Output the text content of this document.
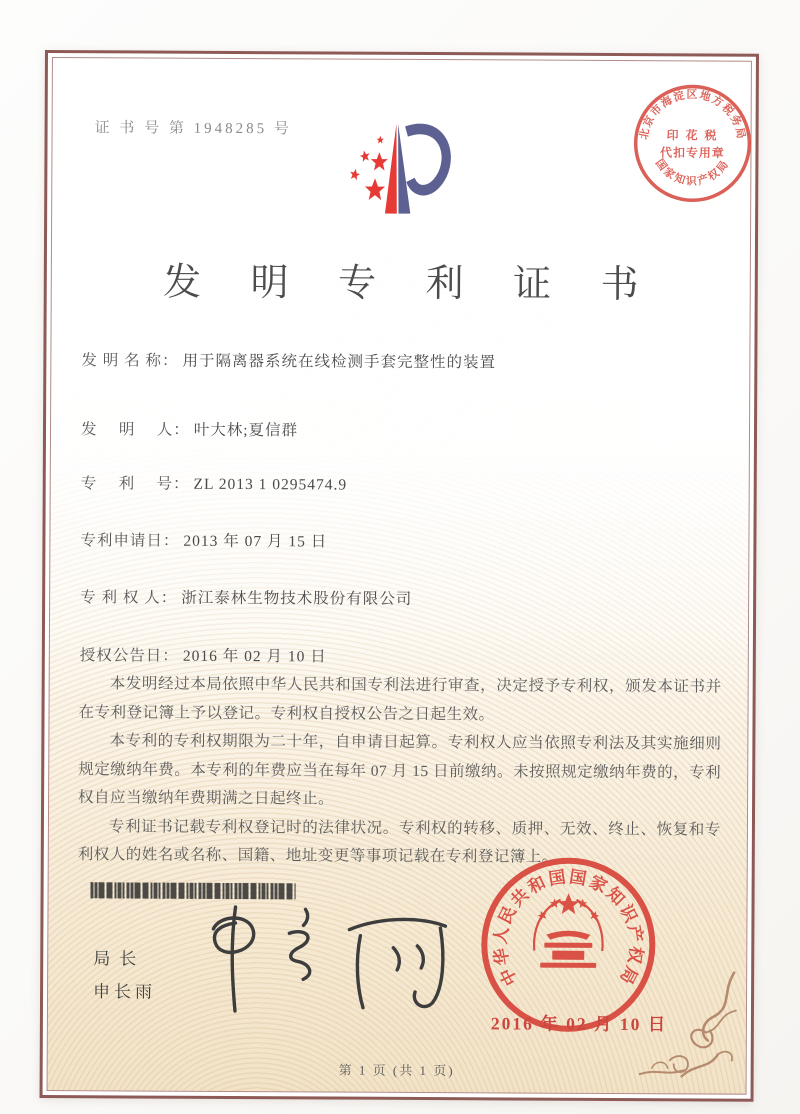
证 书 号 第 1948285 号	北京市海淀区地方税务局
国家知识产权局
印 花 税
代扣专用章
发 明 专 利 证 书
发 明 名 称： 用于隔离器系统在线检测手套完整性的装置
发　 明　 人： 叶大林;夏信群
专　 利　 号： ZL 2013 1 0295474.9
专利申请日： 2013 年 07 月 15 日
专 利 权 人： 浙江泰林生物技术股份有限公司
授权公告日： 2016 年 02 月 10 日

本发明经过本局依照中华人民共和国专利法进行审查，决定授予专利权，颁发本证书并在专利登记簿上予以登记。专利权自授权公告之日起生效。

本专利的专利权期限为二十年，自申请日起算。专利权人应当依照专利法及其实施细则规定缴纳年费。本专利的年费应当在每年 07 月 15 日前缴纳。未按照规定缴纳年费的，专利权自应当缴纳年费期满之日起终止。

专利证书记载专利权登记时的法律状况。专利权的转移、质押、无效、终止、恢复和专利权人的姓名或名称、国籍、地址变更等事项记载在专利登记簿上。

局长
申长雨
中华人民共和国国家知识产权局
2016 年 02 月 10 日
第 1 页 (共 1 页)
